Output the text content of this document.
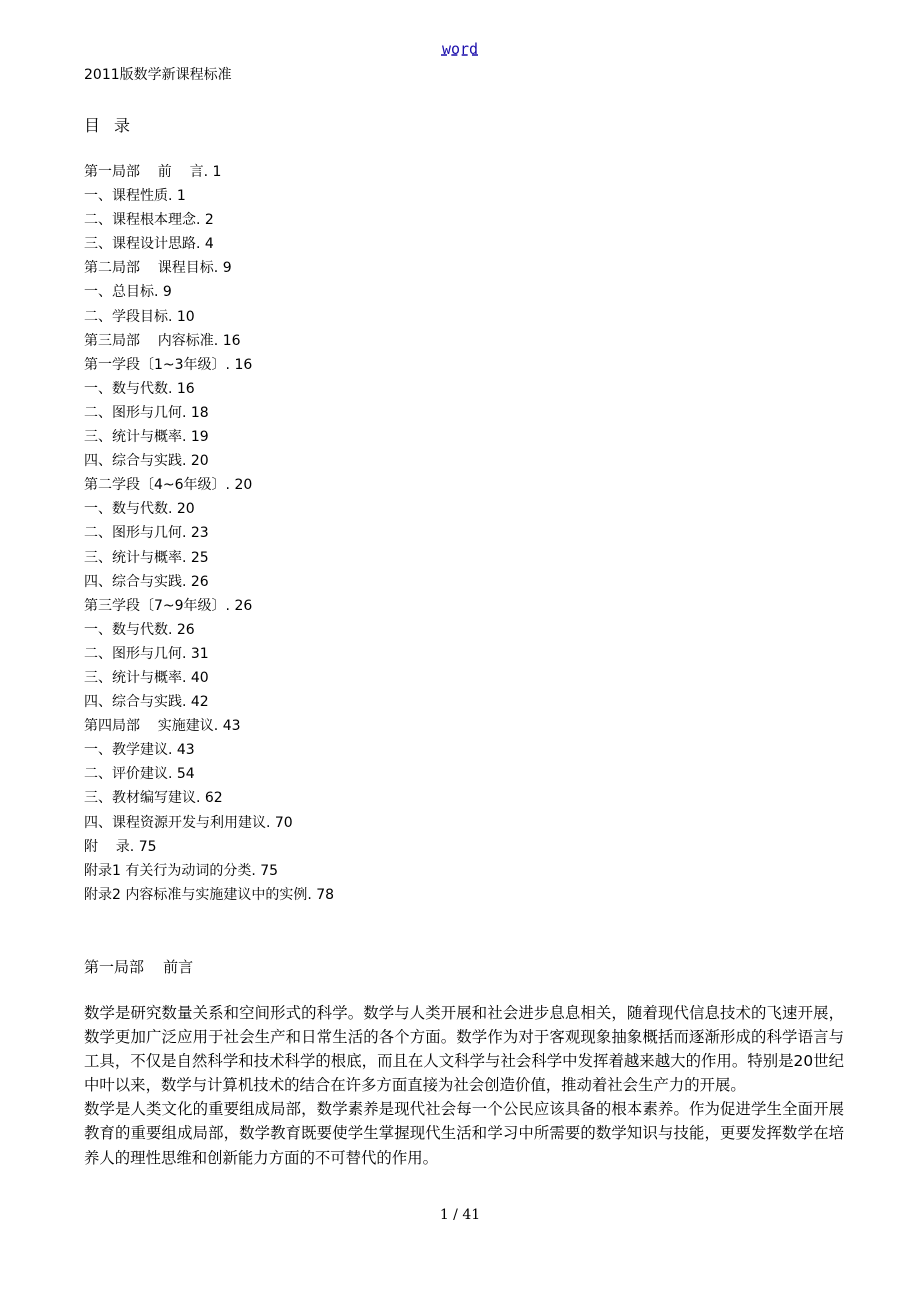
word
2011版数学新课程标准
目录
第一局部    前    言. 1
一、课程性质. 1
二、课程根本理念. 2
三、课程设计思路. 4
第二局部    课程目标. 9
一、总目标. 9
二、学段目标. 10
第三局部    内容标准. 16
第一学段〔1~3年级〕. 16
一、数与代数. 16
二、图形与几何. 18
三、统计与概率. 19
四、综合与实践. 20
第二学段〔4~6年级〕. 20
一、数与代数. 20
二、图形与几何. 23
三、统计与概率. 25
四、综合与实践. 26
第三学段〔7~9年级〕. 26
一、数与代数. 26
二、图形与几何. 31
三、统计与概率. 40
四、综合与实践. 42
第四局部    实施建议. 43
一、教学建议. 43
二、评价建议. 54
三、教材编写建议. 62
四、课程资源开发与利用建议. 70
附    录. 75
附录1 有关行为动词的分类. 75
附录2 内容标准与实施建议中的实例. 78
第一局部    前言

数学是研究数量关系和空间形式的科学。数学与人类开展和社会进步息息相关，随着现代信息技术的飞速开展，数学更加广泛应用于社会生产和日常生活的各个方面。数学作为对于客观现象抽象概括而逐渐形成的科学语言与工具，不仅是自然科学和技术科学的根底，而且在人文科学与社会科学中发挥着越来越大的作用。特别是20世纪中叶以来，数学与计算机技术的结合在许多方面直接为社会创造价值，推动着社会生产力的开展。

数学是人类文化的重要组成局部，数学素养是现代社会每一个公民应该具备的根本素养。作为促进学生全面开展教育的重要组成局部，数学教育既要使学生掌握现代生活和学习中所需要的数学知识与技能，更要发挥数学在培养人的理性思维和创新能力方面的不可替代的作用。

1 / 41
